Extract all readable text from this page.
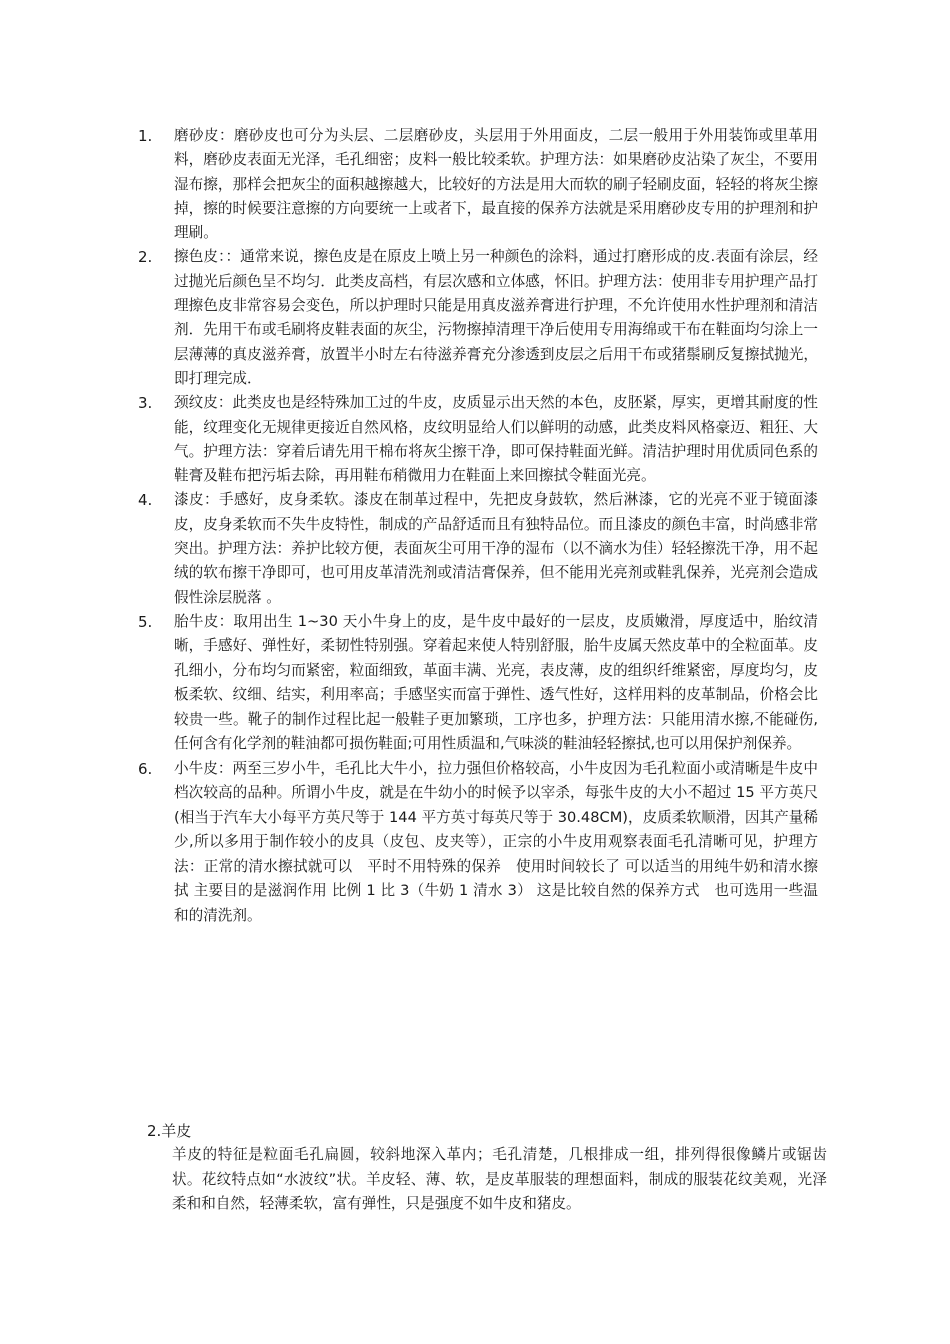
1. 磨砂皮：磨砂皮也可分为头层、二层磨砂皮，头层用于外用面皮，二层一般用于外用装饰或里革用料，磨砂皮表面无光泽，毛孔细密；皮料一般比较柔软。护理方法：如果磨砂皮沾染了灰尘，不要用湿布擦，那样会把灰尘的面积越擦越大，比较好的方法是用大而软的刷子轻刷皮面，轻轻的将灰尘擦掉，擦的时候要注意擦的方向要统一上或者下，最直接的保养方法就是采用磨砂皮专用的护理剂和护理刷。

2. 擦色皮：：通常来说，擦色皮是在原皮上喷上另一种颜色的涂料，通过打磨形成的皮.表面有涂层，经过抛光后颜色呈不均匀．此类皮高档，有层次感和立体感，怀旧。护理方法：使用非专用护理产品打理擦色皮非常容易会变色，所以护理时只能是用真皮滋养膏进行护理，不允许使用水性护理剂和清洁剂．先用干布或毛刷将皮鞋表面的灰尘，污物擦掉清理干净后使用专用海绵或干布在鞋面均匀涂上一层薄薄的真皮滋养膏，放置半小时左右待滋养膏充分渗透到皮层之后用干布或猪鬃刷反复擦拭抛光，即打理完成．

3. 颈纹皮：此类皮也是经特殊加工过的牛皮，皮质显示出天然的本色，皮胚紧，厚实，更增其耐度的性能，纹理变化无规律更接近自然风格，皮纹明显给人们以鲜明的动感，此类皮料风格豪迈、粗狂、大气。护理方法：穿着后请先用干棉布将灰尘擦干净，即可保持鞋面光鲜。清洁护理时用优质同色系的鞋膏及鞋布把污垢去除，再用鞋布稍微用力在鞋面上来回擦拭令鞋面光亮。

4. 漆皮：手感好，皮身柔软。漆皮在制革过程中，先把皮身鼓软，然后淋漆，它的光亮不亚于镜面漆皮，皮身柔软而不失牛皮特性，制成的产品舒适而且有独特品位。而且漆皮的颜色丰富，时尚感非常突出。护理方法：养护比较方便，表面灰尘可用干净的湿布（以不滴水为佳）轻轻擦洗干净，用不起绒的软布擦干净即可，也可用皮革清洗剂或清洁膏保养，但不能用光亮剂或鞋乳保养，光亮剂会造成假性涂层脱落 。

5. 胎牛皮：取用出生 1~30 天小牛身上的皮，是牛皮中最好的一层皮，皮质嫩滑，厚度适中，胎纹清晰，手感好、弹性好，柔韧性特别强。穿着起来使人特别舒服，胎牛皮属天然皮革中的全粒面革。皮孔细小，分布均匀而紧密，粒面细致，革面丰满、光亮，表皮薄，皮的组织纤维紧密，厚度均匀，皮板柔软、纹细、结实，利用率高；手感坚实而富于弹性、透气性好，这样用料的皮革制品，价格会比较贵一些。靴子的制作过程比起一般鞋子更加繁琐，工序也多，护理方法：只能用清水擦,不能碰伤,任何含有化学剂的鞋油都可损伤鞋面;可用性质温和,气味淡的鞋油轻轻擦拭,也可以用保护剂保养。

6. 小牛皮：两至三岁小牛，毛孔比大牛小，拉力强但价格较高，小牛皮因为毛孔粒面小或清晰是牛皮中档次较高的品种。所谓小牛皮，就是在牛幼小的时候予以宰杀，每张牛皮的大小不超过 15 平方英尺(相当于汽车大小每平方英尺等于 144 平方英寸每英尺等于 30.48CM)，皮质柔软顺滑，因其产量稀少,所以多用于制作较小的皮具（皮包、皮夹等），正宗的小牛皮用观察表面毛孔清晰可见，护理方法：正常的清水擦拭就可以　平时不用特殊的保养　使用时间较长了 可以适当的用纯牛奶和清水擦拭 主要目的是滋润作用 比例 1 比 3（牛奶 1 清水 3） 这是比较自然的保养方式　也可选用一些温和的清洗剂。

2.羊皮

羊皮的特征是粒面毛孔扁圆，较斜地深入革内；毛孔清楚，几根排成一组，排列得很像鳞片或锯齿状。花纹特点如“水波纹”状。羊皮轻、薄、软，是皮革服装的理想面料，制成的服装花纹美观，光泽柔和和自然，轻薄柔软，富有弹性，只是强度不如牛皮和猪皮。
